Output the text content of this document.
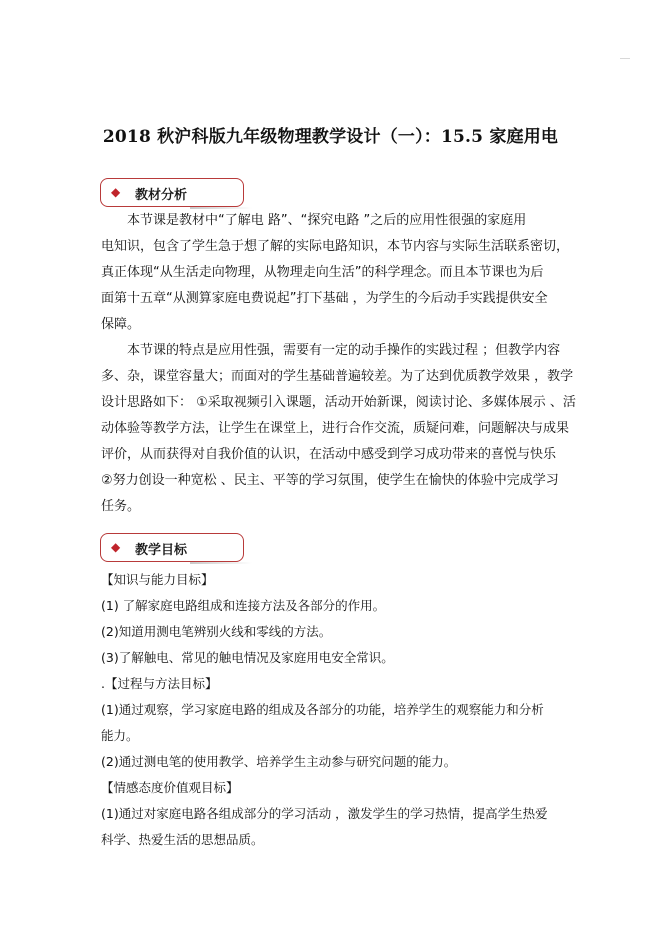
2018 秋沪科版九年级物理教学设计（一）：15.5 家庭用电
◆ 教材分析
本节课是教材中“了解电 路”、“探究电路 ”之后的应用性很强的家庭用
电知识，包含了学生急于想了解的实际电路知识，本节内容与实际生活联系密切，
真正体现“从生活走向物理，从物理走向生活”的科学理念。而且本节课也为后
面第十五章“从测算家庭电费说起”打下基础 ，为学生的今后动手实践提供安全
保障。
本节课的特点是应用性强，需要有一定的动手操作的实践过程 ；但教学内容
多、杂，课堂容量大；而面对的学生基础普遍较差。为了达到优质教学效果 ，教学
设计思路如下： ①采取视频引入课题，活动开始新课，阅读讨论、多媒体展示 、活
动体验等教学方法，让学生在课堂上，进行合作交流，质疑问难，问题解决与成果
评价，从而获得对自我价值的认识，在活动中感受到学习成功带来的喜悦与快乐
②努力创设一种宽松 、民主、平等的学习氛围，使学生在愉快的体验中完成学习
任务。
◆ 教学目标
【知识与能力目标】
(1) 了解家庭电路组成和连接方法及各部分的作用。
(2)知道用测电笔辨别火线和零线的方法。
(3)了解触电、常见的触电情况及家庭用电安全常识。
.【过程与方法目标】
(1)通过观察，学习家庭电路的组成及各部分的功能，培养学生的观察能力和分析
能力。
(2)通过测电笔的使用教学、培养学生主动参与研究问题的能力。
【情感态度价值观目标】
(1)通过对家庭电路各组成部分的学习活动 ，激发学生的学习热情，提高学生热爱
科学、热爱生活的思想品质。
